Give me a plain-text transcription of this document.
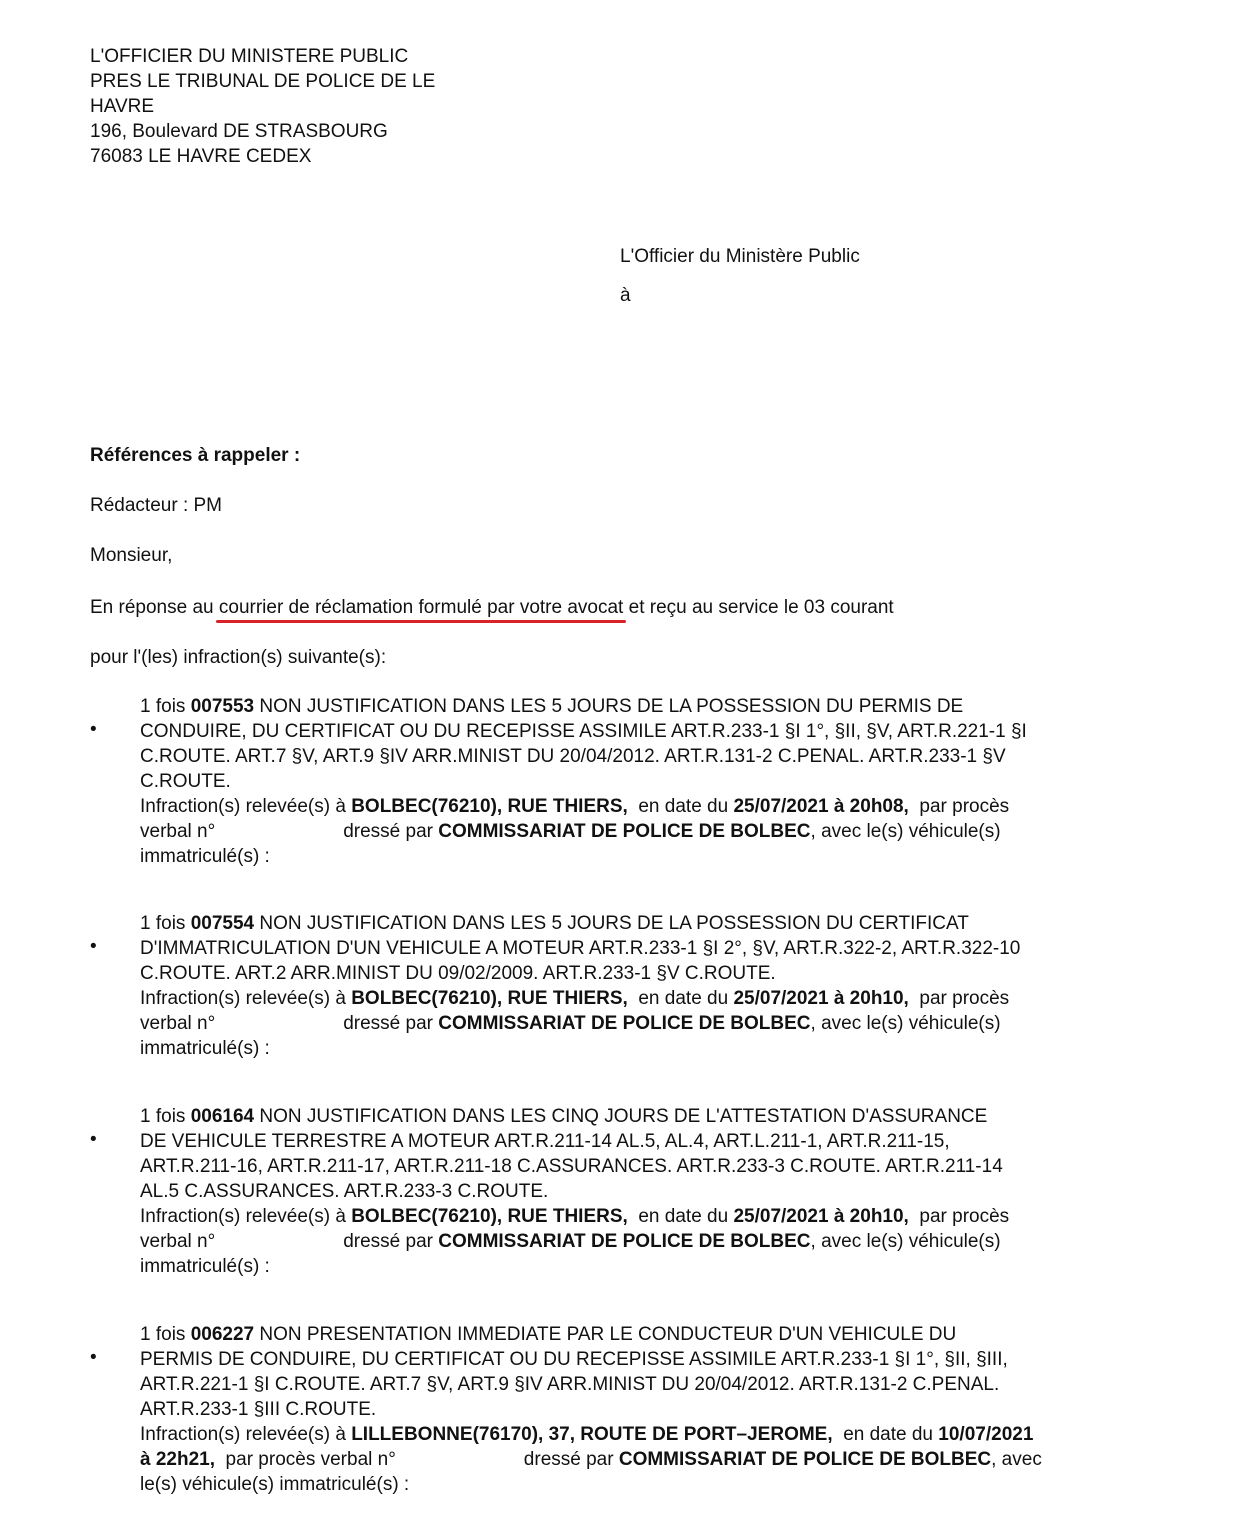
L'OFFICIER DU MINISTERE PUBLIC
PRES LE TRIBUNAL DE POLICE DE LE
HAVRE
196, Boulevard DE STRASBOURG
76083 LE HAVRE CEDEX
L'Officier du Ministère Public
à
Références à rappeler :
Rédacteur : PM
Monsieur,
En réponse au courrier de réclamation formulé par votre avocat et reçu au service le 03 courant
pour l'(les) infraction(s) suivante(s):
•
1 fois 007553 NON JUSTIFICATION DANS LES 5 JOURS DE LA POSSESSION DU PERMIS DE
CONDUIRE, DU CERTIFICAT OU DU RECEPISSE ASSIMILE ART.R.233-1 §I 1°, §II, §V, ART.R.221-1 §I
C.ROUTE. ART.7 §V, ART.9 §IV ARR.MINIST DU 20/04/2012. ART.R.131-2 C.PENAL. ART.R.233-1 §V
C.ROUTE.
Infraction(s) relevée(s) à BOLBEC(76210), RUE THIERS,  en date du 25/07/2021 à 20h08,  par procès
verbal n°	dressé par COMMISSARIAT DE POLICE DE BOLBEC, avec le(s) véhicule(s)
immatriculé(s) :
•
1 fois 007554 NON JUSTIFICATION DANS LES 5 JOURS DE LA POSSESSION DU CERTIFICAT
D'IMMATRICULATION D'UN VEHICULE A MOTEUR ART.R.233-1 §I 2°, §V, ART.R.322-2, ART.R.322-10
C.ROUTE. ART.2 ARR.MINIST DU 09/02/2009. ART.R.233-1 §V C.ROUTE.
Infraction(s) relevée(s) à BOLBEC(76210), RUE THIERS,  en date du 25/07/2021 à 20h10,  par procès
verbal n°	dressé par COMMISSARIAT DE POLICE DE BOLBEC, avec le(s) véhicule(s)
immatriculé(s) :
•
1 fois 006164 NON JUSTIFICATION DANS LES CINQ JOURS DE L'ATTESTATION D'ASSURANCE
DE VEHICULE TERRESTRE A MOTEUR ART.R.211-14 AL.5, AL.4, ART.L.211-1, ART.R.211-15,
ART.R.211-16, ART.R.211-17, ART.R.211-18 C.ASSURANCES. ART.R.233-3 C.ROUTE. ART.R.211-14
AL.5 C.ASSURANCES. ART.R.233-3 C.ROUTE.
Infraction(s) relevée(s) à BOLBEC(76210), RUE THIERS,  en date du 25/07/2021 à 20h10,  par procès
verbal n°	dressé par COMMISSARIAT DE POLICE DE BOLBEC, avec le(s) véhicule(s)
immatriculé(s) :
•
1 fois 006227 NON PRESENTATION IMMEDIATE PAR LE CONDUCTEUR D'UN VEHICULE DU
PERMIS DE CONDUIRE, DU CERTIFICAT OU DU RECEPISSE ASSIMILE ART.R.233-1 §I 1°, §II, §III,
ART.R.221-1 §I C.ROUTE. ART.7 §V, ART.9 §IV ARR.MINIST DU 20/04/2012. ART.R.131-2 C.PENAL.
ART.R.233-1 §III C.ROUTE.
Infraction(s) relevée(s) à LILLEBONNE(76170), 37, ROUTE DE PORT–JEROME,  en date du 10/07/2021
à 22h21,  par procès verbal n°	dressé par COMMISSARIAT DE POLICE DE BOLBEC, avec
le(s) véhicule(s) immatriculé(s) :
